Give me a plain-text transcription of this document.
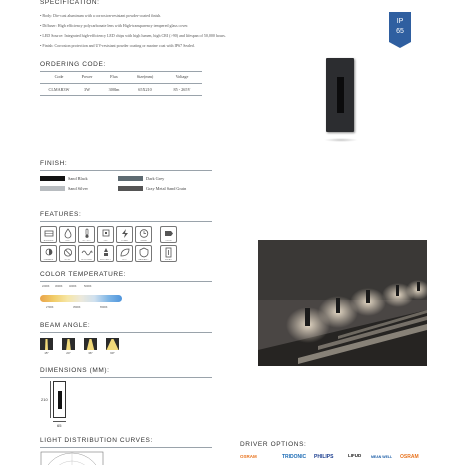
SPECIFICATION:
• Body: Die-cast aluminum with a corrosion-resistant powder-coated finish.
• Diffuser: High efficiency polycarbonate lens with High-transparency tempered glass cover.
• LED Source: Integrated high-efficiency LED chips with high lumen, high CRI (>90) and lifespan of 50,000 hours.
• Finish: Corrosion protection and UV-resistant powder coating or marine coat with IP67 Sealed.
IP
65
ORDERING CODE:
Code	Power	Flux	Size(mm)	Voltage
CLMAR3W	3W	300lm	65X210	85 - 265V
FINISH:
Sand Black	Dark Grey
Sand Silver	Gray Metal Sand Grain
FEATURES:
ALUMINUM	IP65	-20 ~ 50°C	LED	POWER	50000H	CRI>90
DIMMABLE	NO UV	NO FLICKER	EFFICIENCY	ECO	WARRANTY	INSTALL
COLOR TEMPERATURE:
2200K 3000K 4000K	5000K
2700K	3500K	6500K
BEAM ANGLE:
15°	24°	36°	60°
DIMENSIONS (MM):
210
65
LIGHT DISTRIBUTION CURVES:
DRIVER OPTIONS:
OSRAM	TRIDONIC PHILIPS	LIFUD	MEAN WELL OSRAM
